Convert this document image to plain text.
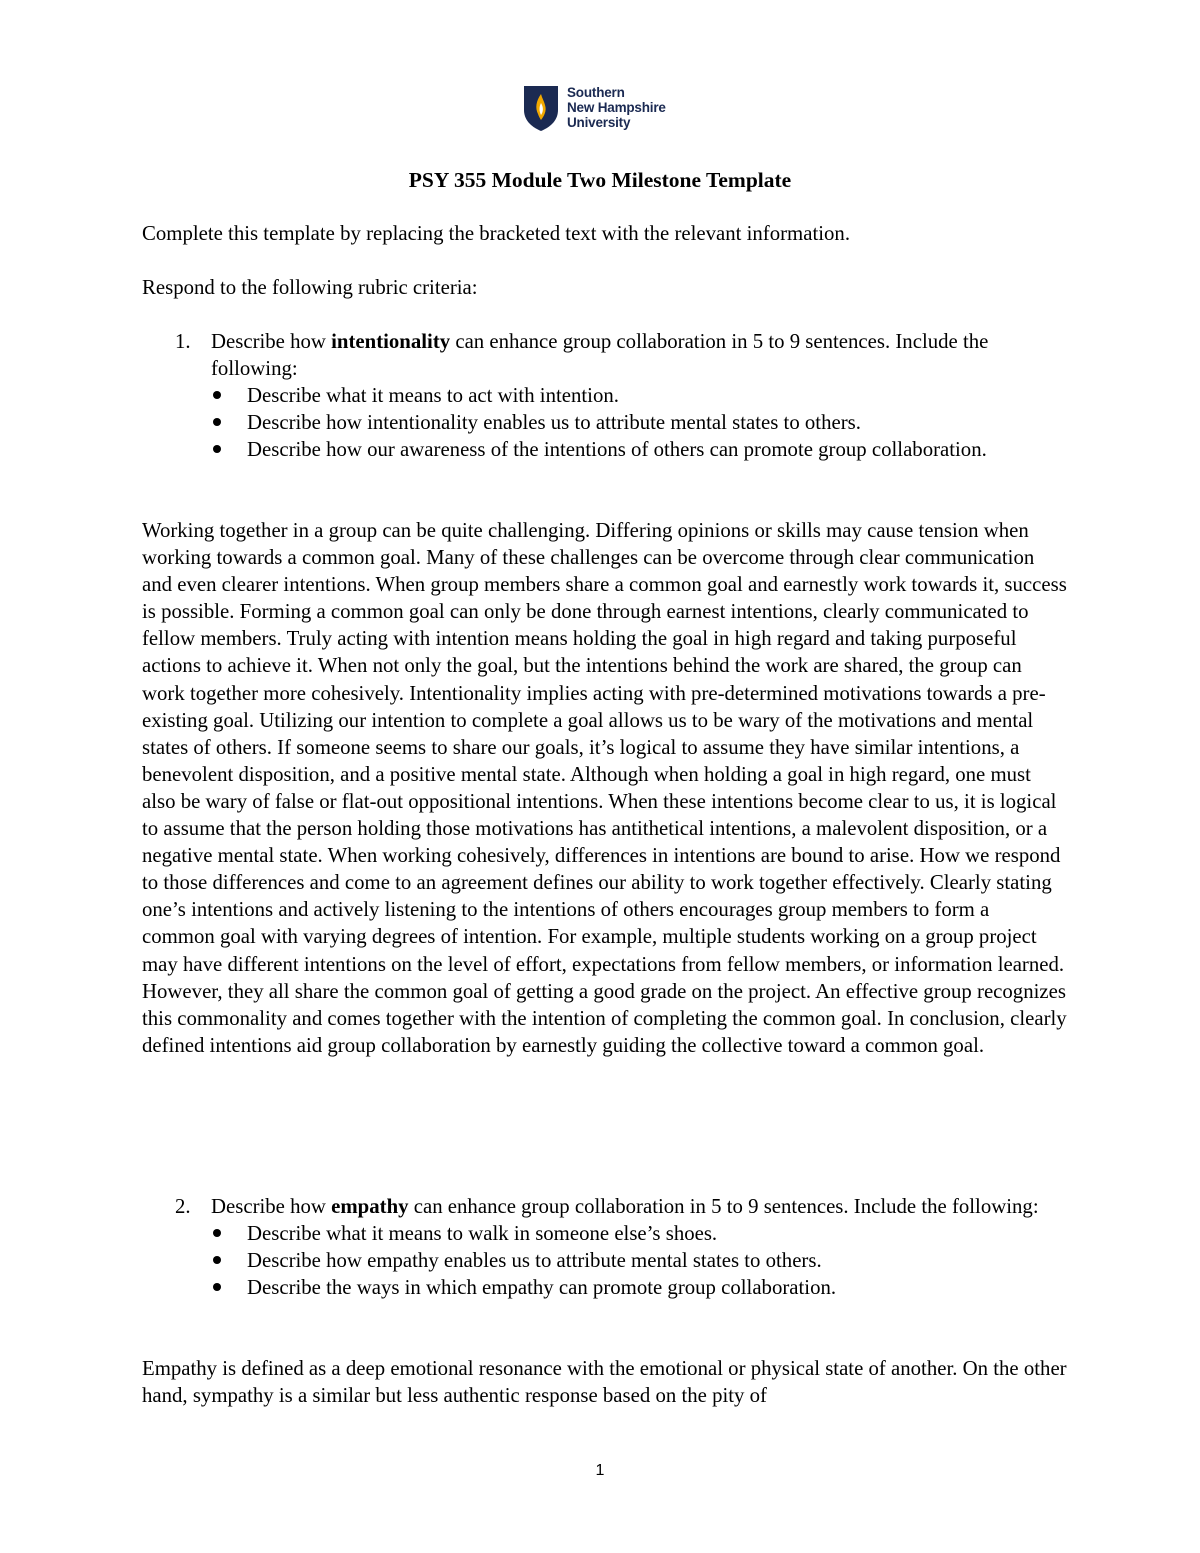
Southern
New Hampshire
University
PSY 355 Module Two Milestone Template
Complete this template by replacing the bracketed text with the relevant information.
Respond to the following rubric criteria:
1. Describe how intentionality can enhance group collaboration in 5 to 9 sentences. Include the following:
Describe what it means to act with intention.
Describe how intentionality enables us to attribute mental states to others.
Describe how our awareness of the intentions of others can promote group collaboration.
Working together in a group can be quite challenging. Differing opinions or skills may cause tension when working towards a common goal. Many of these challenges can be overcome through clear communication and even clearer intentions. When group members share a common goal and earnestly work towards it, success is possible. Forming a common goal can only be done through earnest intentions, clearly communicated to fellow members. Truly acting with intention means holding the goal in high regard and taking purposeful actions to achieve it. When not only the goal, but the intentions behind the work are shared, the group can work together more cohesively. Intentionality implies acting with pre-determined motivations towards a pre-existing goal. Utilizing our intention to complete a goal allows us to be wary of the motivations and mental states of others. If someone seems to share our goals, it’s logical to assume they have similar intentions, a benevolent disposition, and a positive mental state. Although when holding a goal in high regard, one must also be wary of false or flat-out oppositional intentions. When these intentions become clear to us, it is logical to assume that the person holding those motivations has antithetical intentions, a malevolent disposition, or a negative mental state. When working cohesively, differences in intentions are bound to arise. How we respond to those differences and come to an agreement defines our ability to work together effectively. Clearly stating one’s intentions and actively listening to the intentions of others encourages group members to form a common goal with varying degrees of intention. For example, multiple students working on a group project may have different intentions on the level of effort, expectations from fellow members, or information learned. However, they all share the common goal of getting a good grade on the project. An effective group recognizes this commonality and comes together with the intention of completing the common goal. In conclusion, clearly defined intentions aid group collaboration by earnestly guiding the collective toward a common goal.
2. Describe how empathy can enhance group collaboration in 5 to 9 sentences. Include the following:
Describe what it means to walk in someone else’s shoes.
Describe how empathy enables us to attribute mental states to others.
Describe the ways in which empathy can promote group collaboration.
Empathy is defined as a deep emotional resonance with the emotional or physical state of another. On the other hand, sympathy is a similar but less authentic response based on the pity of
1
